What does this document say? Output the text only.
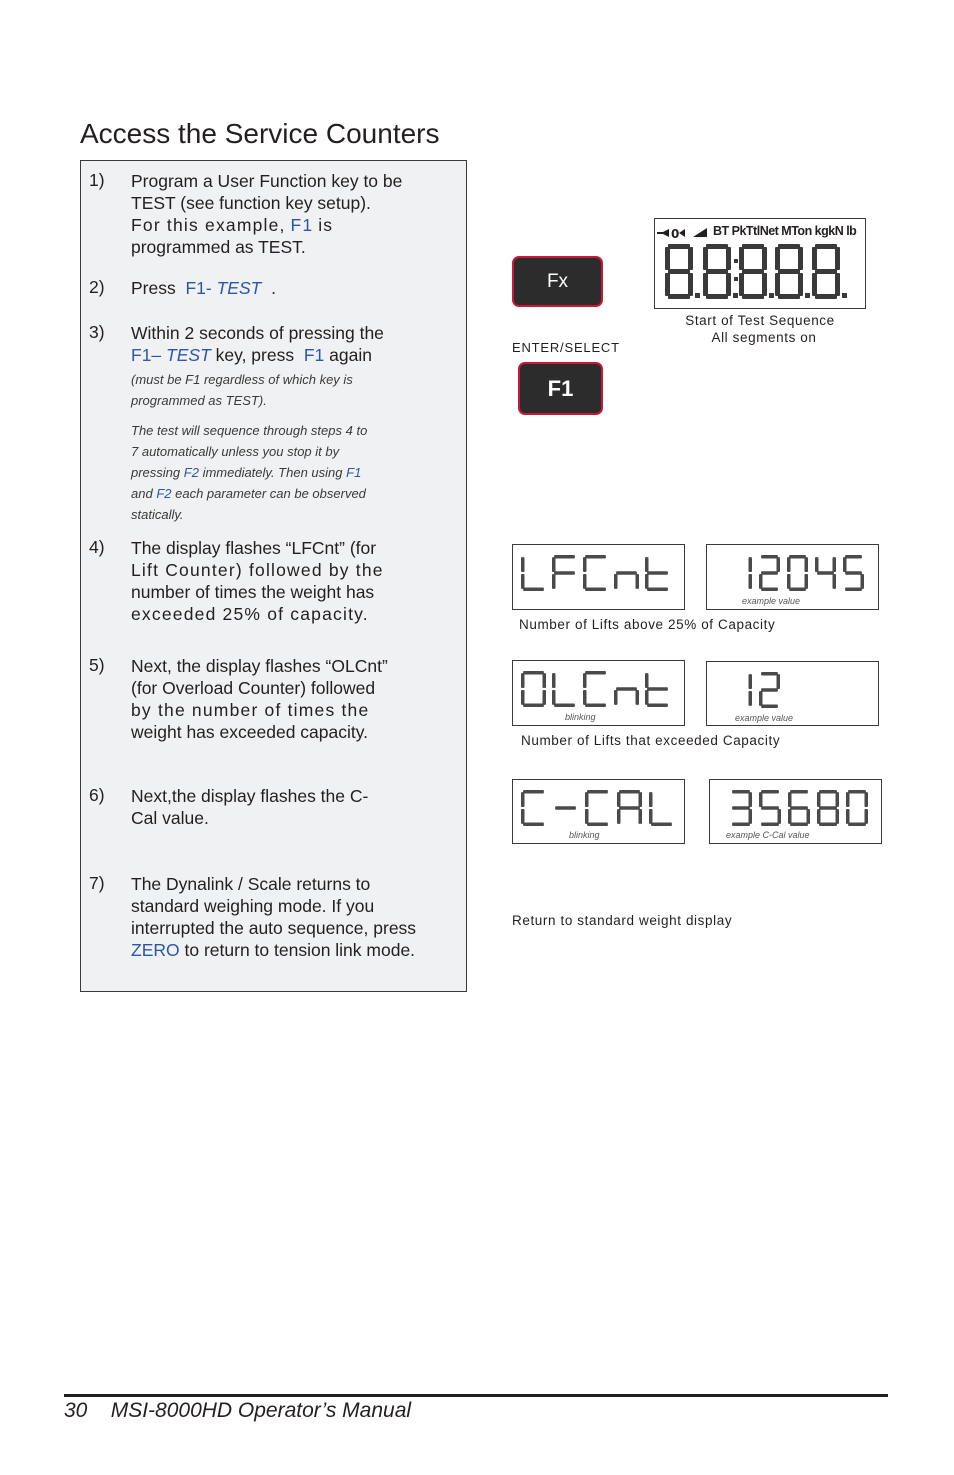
Access the Service Counters
1) Program a User Function key to be TEST (see function key setup).
For this example, F1 is
programmed as TEST.
2) Press F1- TEST .
3) Within 2 seconds of pressing the
F1– TEST key, press F1 again
(must be F1 regardless of which key is programmed as TEST).
The test will sequence through steps 4 to 7 automatically unless you stop it by pressing F2 immediately. Then using F1 and F2 each parameter can be observed statically.
4) The display flashes “LFCnt” (for
Lift Counter) followed by the
number of times the weight has
exceeded 25% of capacity.
5) Next, the display flashes “OLCnt”
(for Overload Counter) followed
by the number of times the
weight has exceeded capacity.
6) Next,the display flashes the C-
Cal value.
7) The Dynalink / Scale returns to standard weighing mode. If you interrupted the auto sequence, press ZERO to return to tension link mode.
Fx
ENTER/SELECT
F1
0	BT PkTtlNet MTon kgkN lb
Start of Test Sequence
All segments on
example value
Number of Lifts above 25% of Capacity
blinking	example value
Number of Lifts that exceeded Capacity
blinking	example C-Cal value
Return to standard weight display
30 MSI-8000HD Operator’s Manual
